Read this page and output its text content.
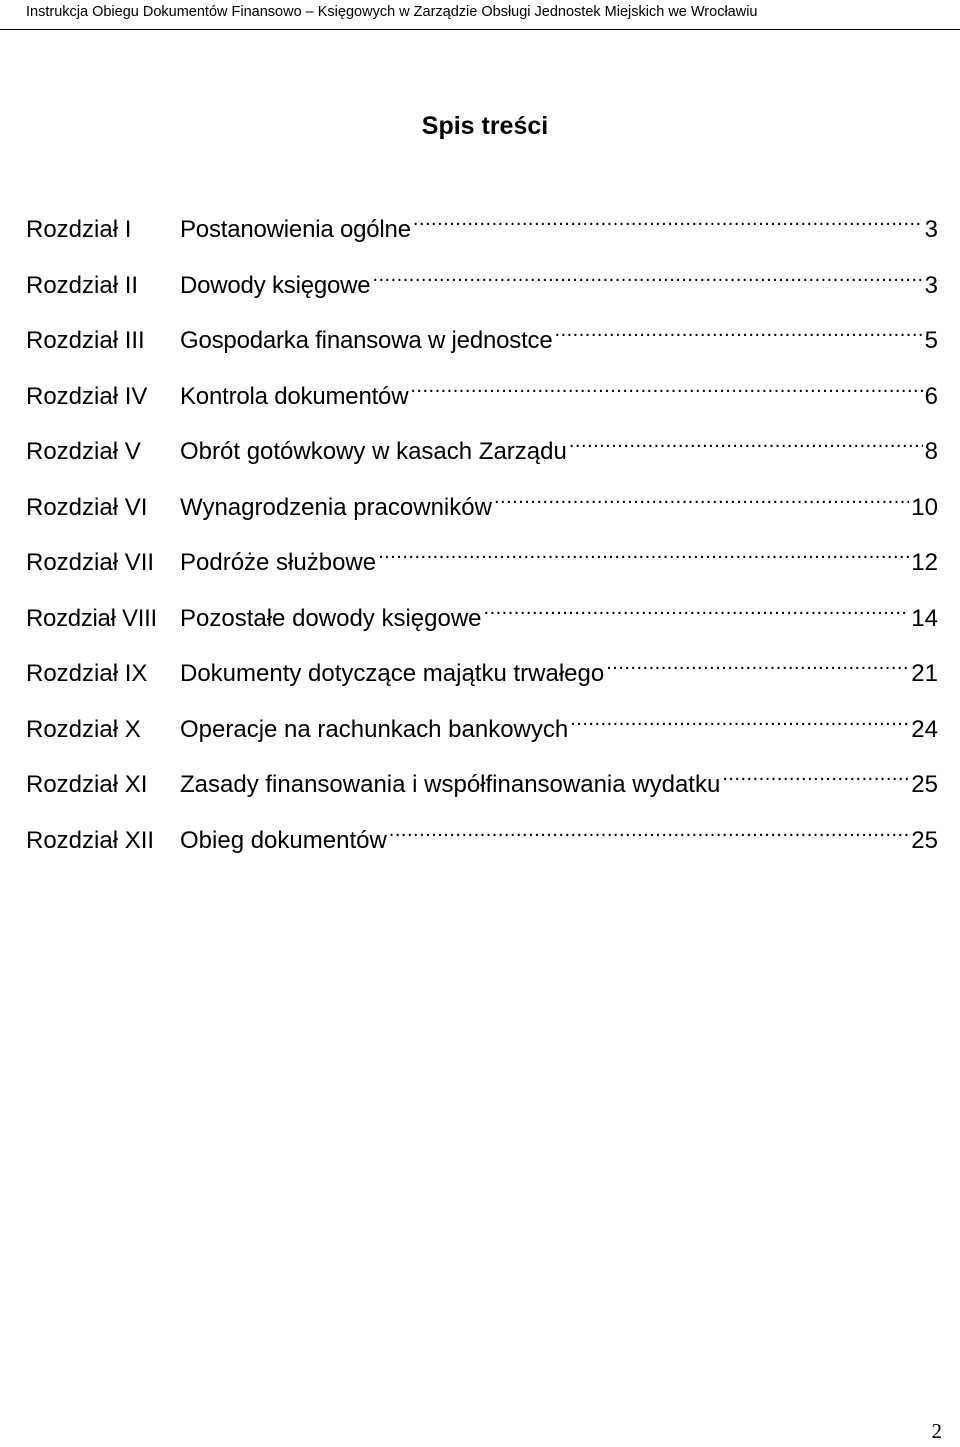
Instrukcja Obiegu Dokumentów Finansowo – Księgowych w Zarządzie Obsługi Jednostek Miejskich we Wrocławiu
Spis treści
Rozdział I	Postanowienia ogólne .....	3
Rozdział II	Dowody księgowe .....	3
Rozdział III	Gospodarka finansowa w jednostce .....	5
Rozdział IV	Kontrola dokumentów .....	6
Rozdział V	Obrót gotówkowy w kasach Zarządu .....	8
Rozdział VI	Wynagrodzenia pracowników .....	10
Rozdział VII	Podróże służbowe .....	12
Rozdział VIII Pozostałe dowody księgowe .....	14
Rozdział IX	Dokumenty dotyczące majątku trwałego .....	21
Rozdział X	Operacje na rachunkach bankowych .....	24
Rozdział XI	Zasady finansowania i współfinansowania wydatku .....	25
Rozdział XII	Obieg dokumentów .....	25
2
